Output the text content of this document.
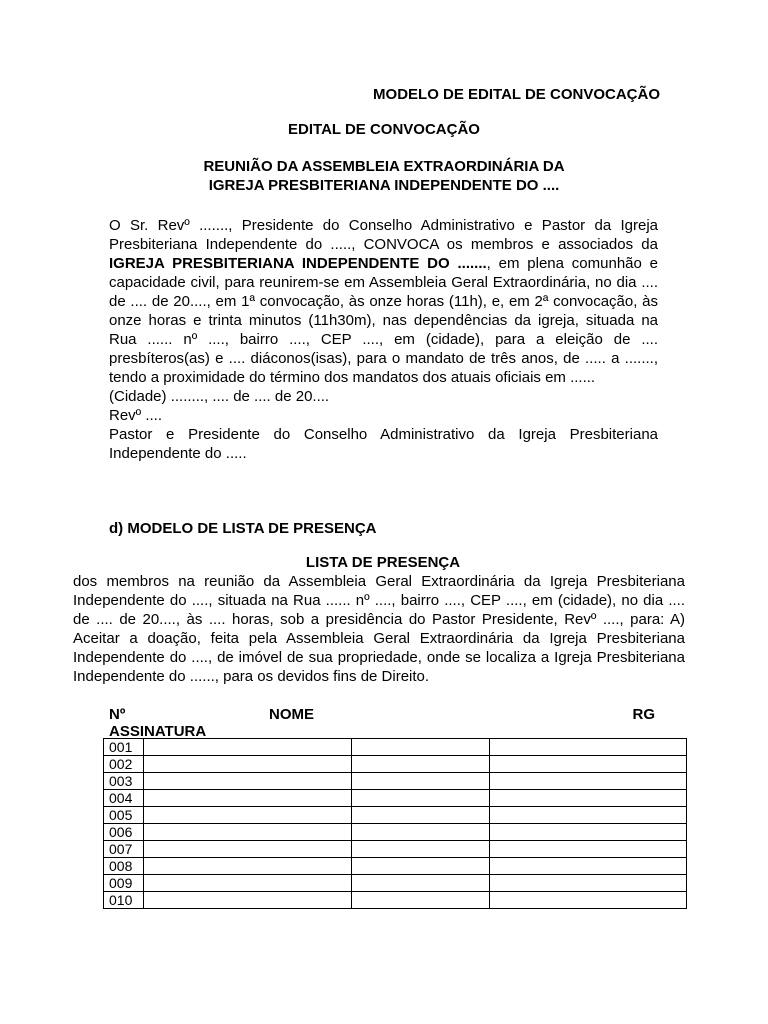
MODELO DE EDITAL DE CONVOCAÇÃO
EDITAL DE CONVOCAÇÃO
REUNIÃO DA ASSEMBLEIA EXTRAORDINÁRIA DA
IGREJA PRESBITERIANA INDEPENDENTE DO ....

O Sr. Revº ......., Presidente do Conselho Administrativo e Pastor da Igreja Presbiteriana Independente do ....., CONVOCA os membros e associados da IGREJA PRESBITERIANA INDEPENDENTE DO ......., em plena comunhão e capacidade civil, para reunirem-se em Assembleia Geral Extraordinária, no dia .... de .... de 20...., em 1ª convocação, às onze horas (11h), e, em 2ª convocação, às onze horas e trinta minutos (11h30m), nas dependências da igreja, situada na Rua ...... nº ...., bairro ...., CEP ...., em (cidade), para a eleição de .... presbíteros(as) e .... diáconos(isas), para o mandato de três anos, de ..... a ......., tendo a proximidade do término dos mandatos dos atuais oficiais em ......

(Cidade) ........, .... de .... de 20....

Revº ....

Pastor e Presidente do Conselho Administrativo da Igreja Presbiteriana Independente do .....

d) MODELO DE LISTA DE PRESENÇA
LISTA DE PRESENÇA

dos membros na reunião da Assembleia Geral Extraordinária da Igreja Presbiteriana Independente do ...., situada na Rua ...... nº ...., bairro ...., CEP ...., em (cidade), no dia .... de .... de 20...., às .... horas, sob a presidência do Pastor Presidente, Revº ...., para: A) Aceitar a doação, feita pela Assembleia Geral Extraordinária da Igreja Presbiteriana Independente do ...., de imóvel de sua propriedade, onde se localiza a Igreja Presbiteriana Independente do ......, para os devidos fins de Direito.

Nº	NOME	RG
ASSINATURA
001			
002			
003			
004			
005			
006			
007			
008			
009			
010			
